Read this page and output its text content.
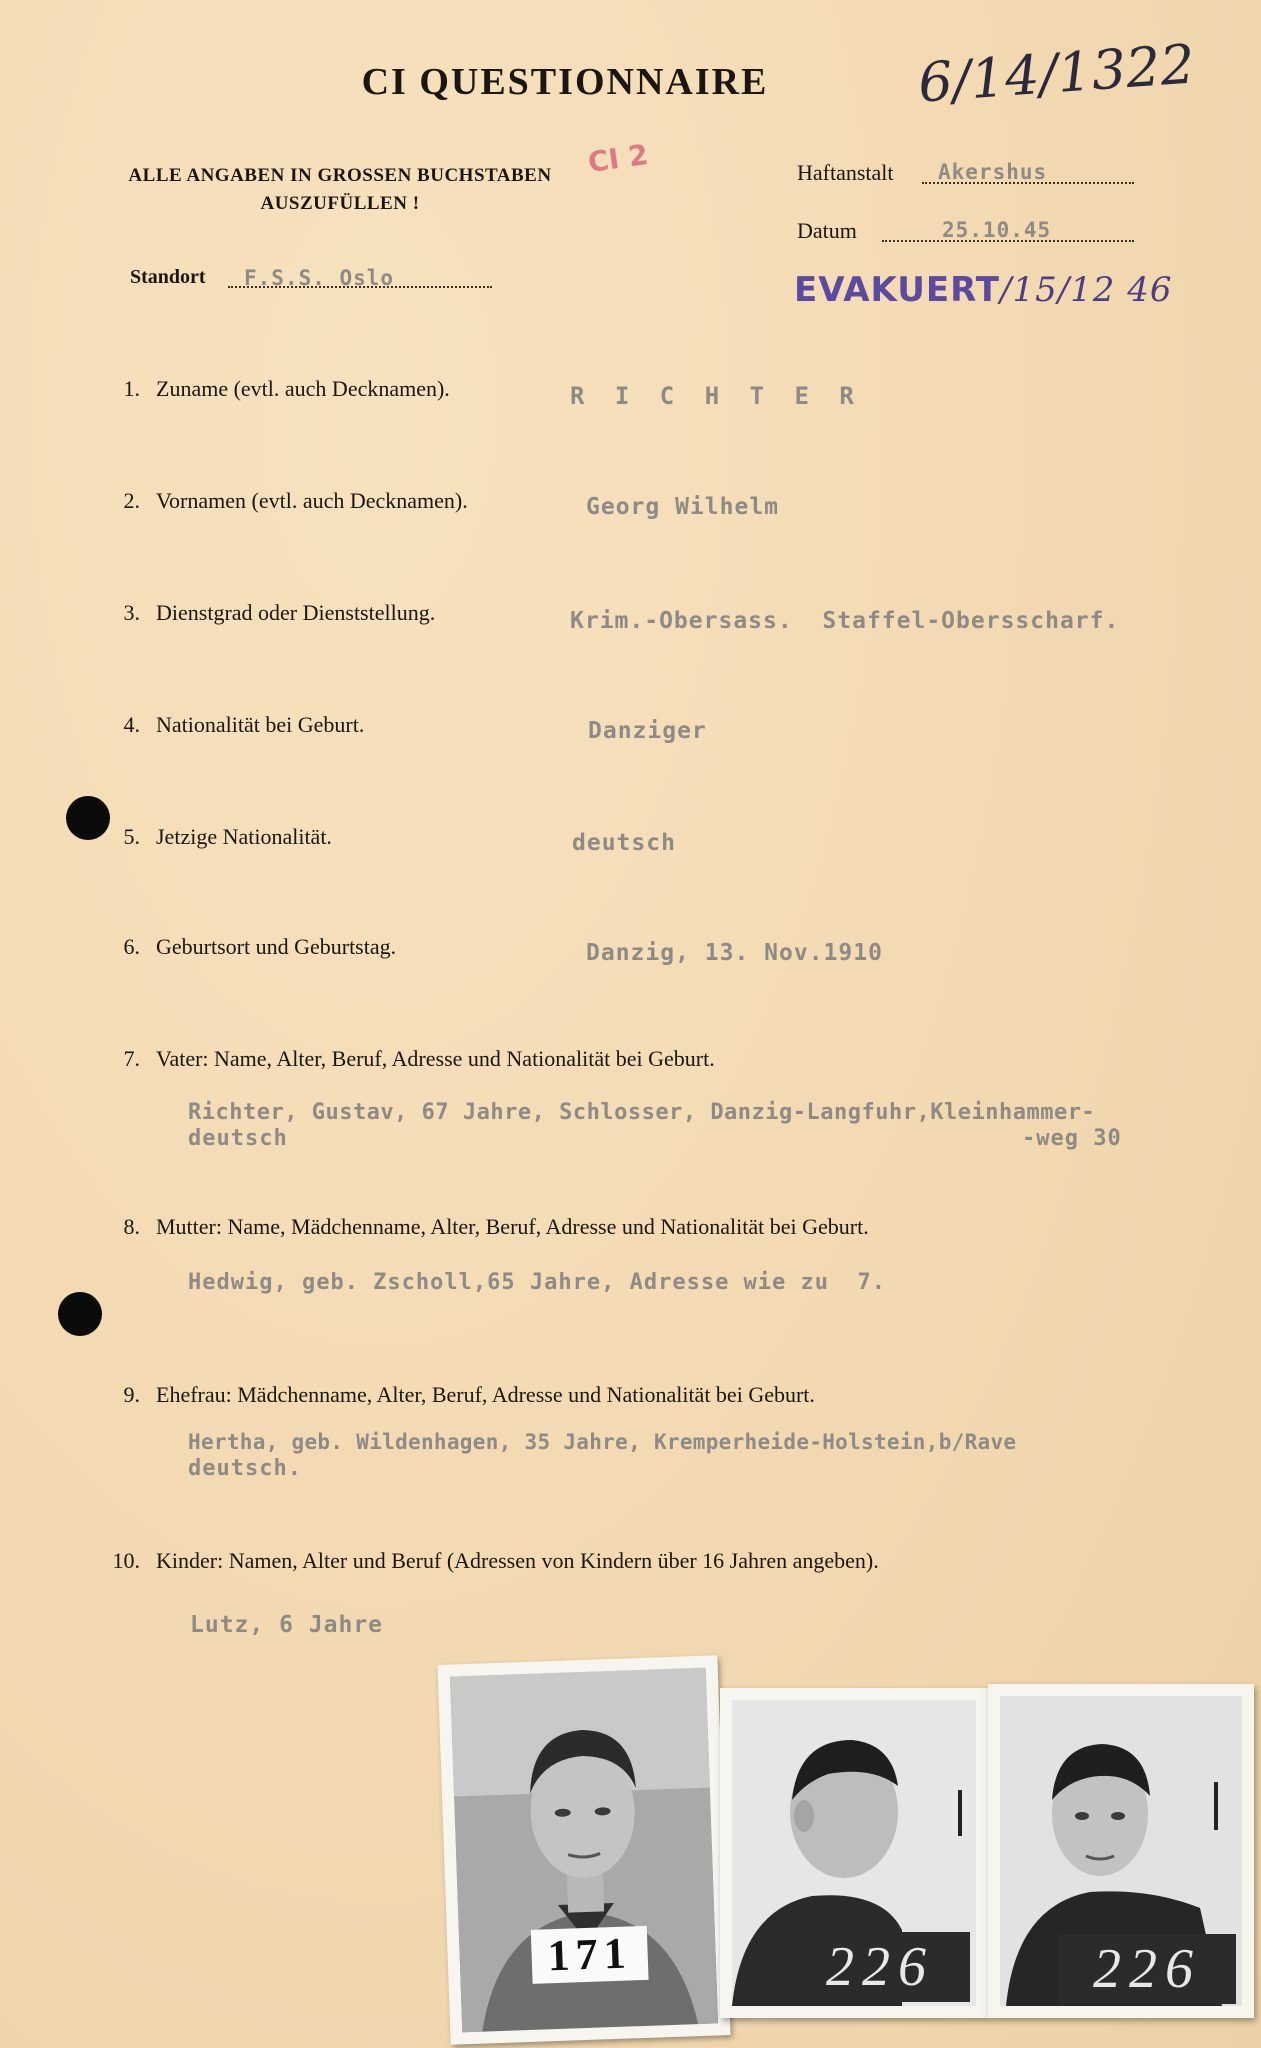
CI QUESTIONNAIRE	6/14/1322
ALLE ANGABEN IN GROSSEN BUCHSTABEN
AUSZUFÜLLEN !
CI 2	Haftanstalt Akershus
Datum	25.10.45
Standort F.S.S. Oslo	EVAKUERT/15/12 46
1. Zuname (evtl. auch Decknamen).	R I C H T E R
2. Vornamen (evtl. auch Decknamen).	Georg Wilhelm
3. Dienstgrad oder Dienststellung.	Krim.-Obersass.  Staffel-Obersscharf.
4. Nationalität bei Geburt.	Danziger
5. Jetzige Nationalität.	deutsch
6. Geburtsort und Geburtstag.	Danzig, 13. Nov.1910
7. Vater: Name, Alter, Beruf, Adresse und Nationalität bei Geburt.
Richter, Gustav, 67 Jahre, Schlosser, Danzig-Langfuhr,Kleinhammer-
deutsch	-weg 30
8. Mutter: Name, Mädchenname, Alter, Beruf, Adresse und Nationalität bei Geburt.
Hedwig, geb. Zscholl,65 Jahre, Adresse wie zu  7.
9. Ehefrau: Mädchenname, Alter, Beruf, Adresse und Nationalität bei Geburt.
Hertha, geb. Wildenhagen, 35 Jahre, Kremperheide-Holstein,b/Rave
deutsch.
10. Kinder: Namen, Alter und Beruf (Adressen von Kindern über 16 Jahren angeben).
Lutz, 6 Jahre
171	226	226
